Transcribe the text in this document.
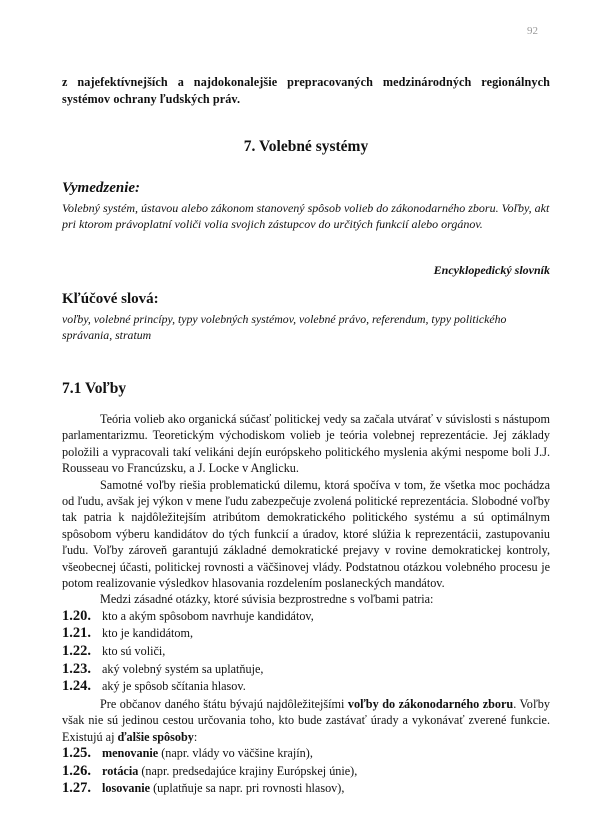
92

z najefektívnejších a najdokonalejšie prepracovaných medzinárodných regionálnych systémov ochrany ľudských práv.

7. Volebné systémy
Vymedzenie:

Volebný systém, ústavou alebo zákonom stanovený spôsob volieb do zákonodarného zboru. Voľby, akt pri ktorom právoplatní voliči volia svojich zástupcov do určitých funkcií alebo orgánov.

Encyklopedický slovník

Kľúčové slová:

voľby, volebné princípy, typy volebných systémov, volebné právo, referendum, typy politického správania, stratum

7.1 Voľby

Teória volieb ako organická súčasť politickej vedy sa začala utvárať v súvislosti s nástupom parlamentarizmu. Teoretickým východiskom volieb je teória volebnej reprezentácie. Jej základy položili a vypracovali takí velikáni dejín európskeho politického myslenia akými nespome boli J.J. Rousseau vo Francúzsku, a J. Locke v Anglicku.

Samotné voľby riešia problematickú dilemu, ktorá spočíva v tom, že všetka moc pochádza od ľudu, avšak jej výkon v mene ľudu zabezpečuje zvolená politické reprezentácia. Slobodné voľby tak patria k najdôležitejším atribútom demokratického politického systému a sú optimálnym spôsobom výberu kandidátov do tých funkcií a úradov, ktoré slúžia k reprezentácii, zastupovaniu ľudu. Voľby zároveň garantujú základné demokratické prejavy v rovine demokratickej kontroly, všeobecnej účasti, politickej rovnosti a väčšinovej vlády. Podstatnou otázkou volebného procesu je potom realizovanie výsledkov hlasovania rozdelením poslaneckých mandátov.

Medzi zásadné otázky, ktoré súvisia bezprostredne s voľbami patria:

1.20. kto a akým spôsobom navrhuje kandidátov,
1.21. kto je kandidátom,
1.22. kto sú voliči,
1.23. aký volebný systém sa uplatňuje,
1.24. aký je spôsob sčítania hlasov.

Pre občanov daného štátu bývajú najdôležitejšími voľby do zákonodarného zboru. Voľby však nie sú jedinou cestou určovania toho, kto bude zastávať úrady a vykonávať zverené funkcie. Existujú aj ďalšie spôsoby:

1.25. menovanie (napr. vlády vo väčšine krajín),
1.26. rotácia (napr. predsedajúce krajiny Európskej únie),
1.27. losovanie (uplatňuje sa napr. pri rovnosti hlasov),
